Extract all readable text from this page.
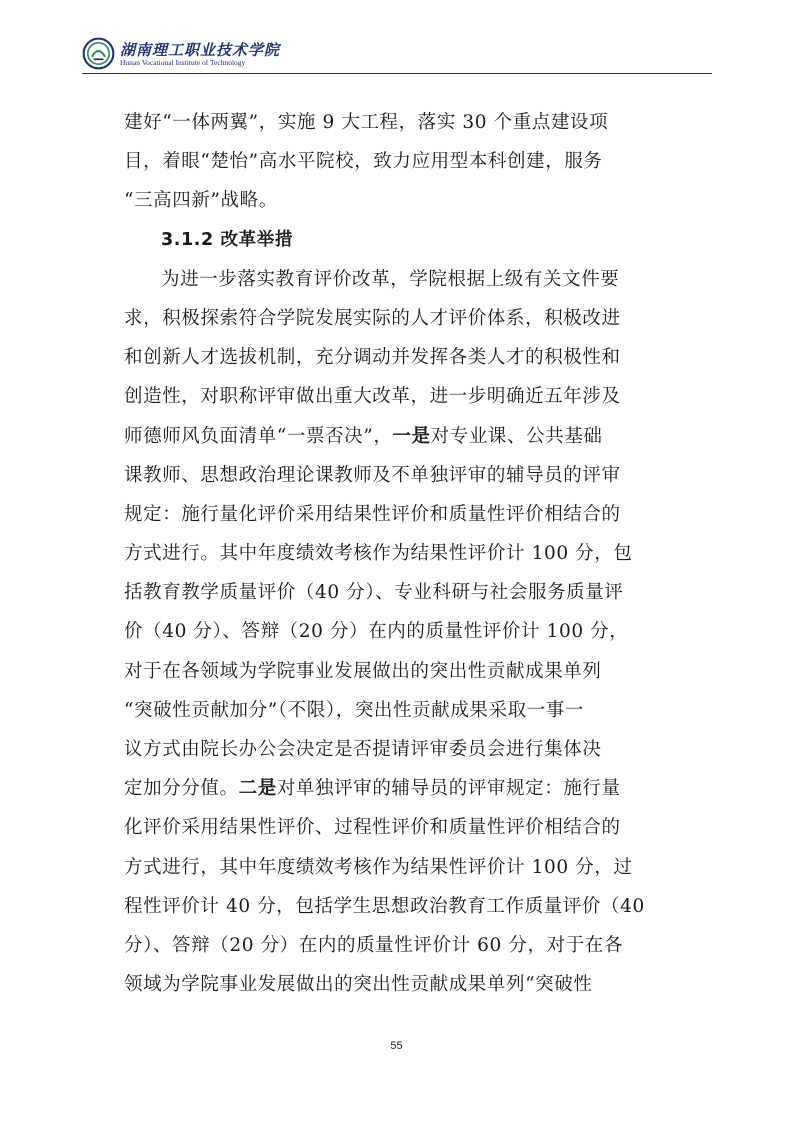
湖南理工职业技术学院
Hunan Vocational Institute of Technology
建好“一体两翼”，实施 9 大工程，落实 30 个重点建设项
目，着眼“楚怡”高水平院校，致力应用型本科创建，服务
“三高四新”战略。
3.1.2 改革举措
为进一步落实教育评价改革，学院根据上级有关文件要
求，积极探索符合学院发展实际的人才评价体系，积极改进
和创新人才选拔机制，充分调动并发挥各类人才的积极性和
创造性，对职称评审做出重大改革，进一步明确近五年涉及
师德师风负面清单“一票否决”，一是对专业课、公共基础
课教师、思想政治理论课教师及不单独评审的辅导员的评审
规定：施行量化评价采用结果性评价和质量性评价相结合的
方式进行。其中年度绩效考核作为结果性评价计 100 分，包
括教育教学质量评价（40 分）、专业科研与社会服务质量评
价（40 分）、答辩（20 分）在内的质量性评价计 100 分，
对于在各领域为学院事业发展做出的突出性贡献成果单列
“突破性贡献加分”（不限），突出性贡献成果采取一事一
议方式由院长办公会决定是否提请评审委员会进行集体决
定加分分值。二是对单独评审的辅导员的评审规定：施行量
化评价采用结果性评价、过程性评价和质量性评价相结合的
方式进行，其中年度绩效考核作为结果性评价计 100 分，过
程性评价计 40 分，包括学生思想政治教育工作质量评价（40
分）、答辩（20 分）在内的质量性评价计 60 分，对于在各
领域为学院事业发展做出的突出性贡献成果单列“突破性
55
